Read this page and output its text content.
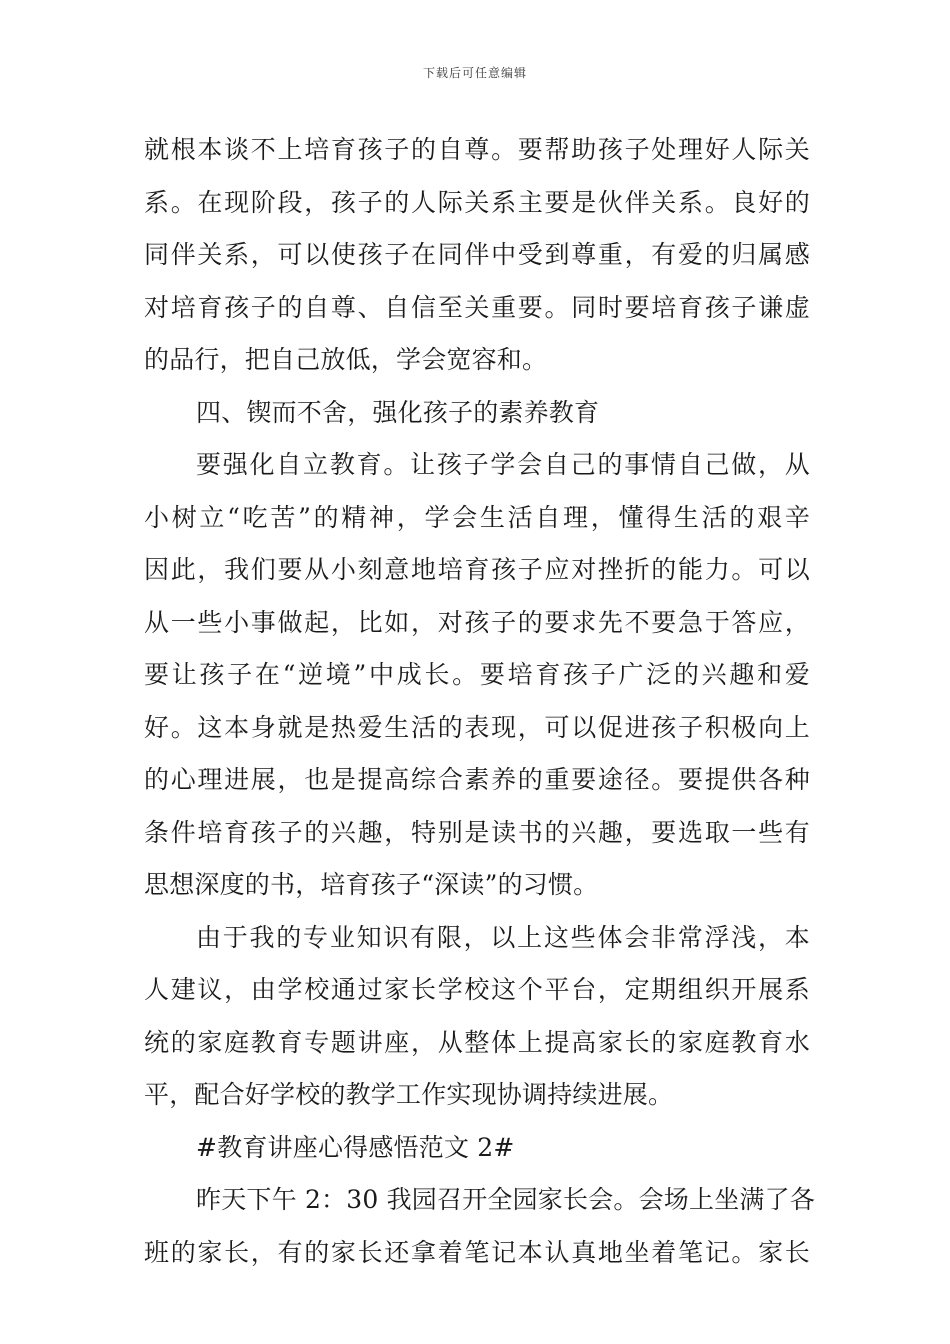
下载后可任意编辑
就根本谈不上培育孩子的自尊。要帮助孩子处理好人际关
系。在现阶段，孩子的人际关系主要是伙伴关系。良好的
同伴关系，可以使孩子在同伴中受到尊重，有爱的归属感
对培育孩子的自尊、自信至关重要。同时要培育孩子谦虚
的品行，把自己放低，学会宽容和。
四、锲而不舍，强化孩子的素养教育
要强化自立教育。让孩子学会自己的事情自己做，从
小树立“吃苦”的精神，学会生活自理，懂得生活的艰辛
因此，我们要从小刻意地培育孩子应对挫折的能力。可以
从一些小事做起，比如，对孩子的要求先不要急于答应，
要让孩子在“逆境”中成长。要培育孩子广泛的兴趣和爱
好。这本身就是热爱生活的表现，可以促进孩子积极向上
的心理进展，也是提高综合素养的重要途径。要提供各种
条件培育孩子的兴趣，特别是读书的兴趣，要选取一些有
思想深度的书，培育孩子“深读”的习惯。
由于我的专业知识有限，以上这些体会非常浮浅，本
人建议，由学校通过家长学校这个平台，定期组织开展系
统的家庭教育专题讲座，从整体上提高家长的家庭教育水
平，配合好学校的教学工作实现协调持续进展。
#教育讲座心得感悟范文 2#
昨天下午 2：30 我园召开全园家长会。会场上坐满了各
班的家长，有的家长还拿着笔记本认真地坐着笔记。家长
